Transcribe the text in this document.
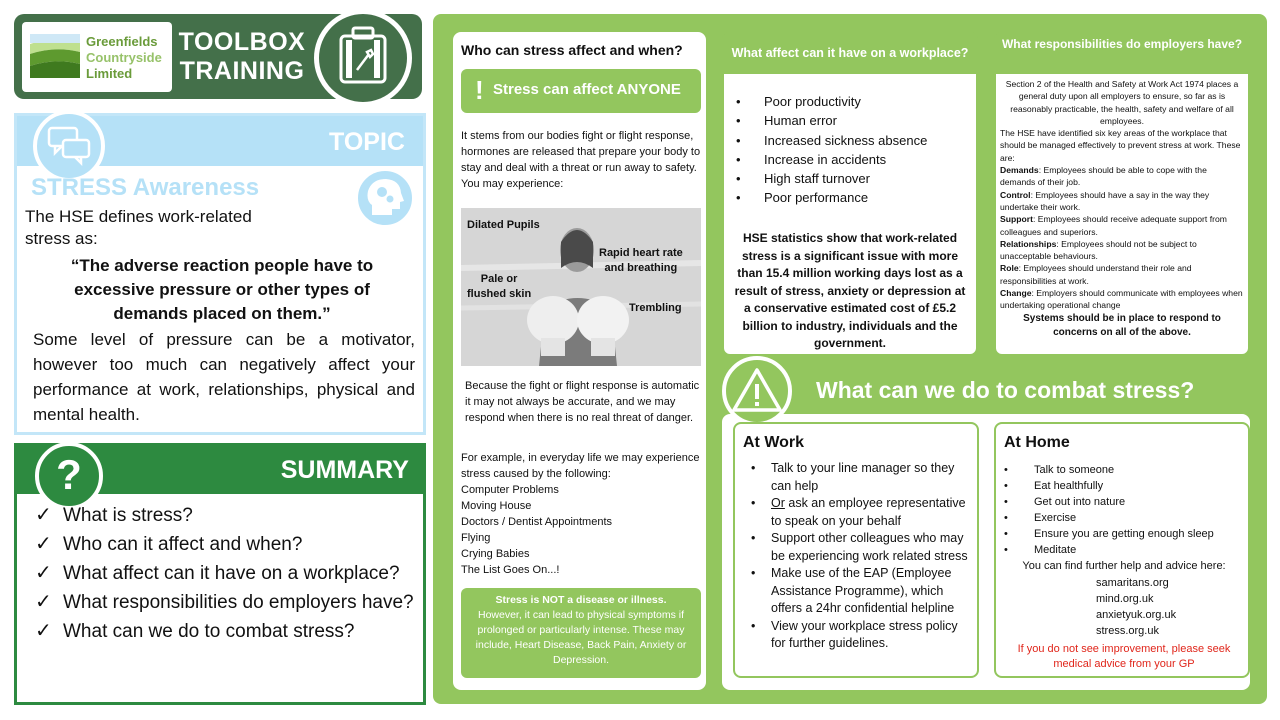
Greenfields
Countryside
Limited
TOOLBOX
TRAINING
TOPIC
STRESS Awareness
The HSE defines work-related stress as:
“The adverse reaction people have to excessive pressure or other types of demands placed on them.”
Some level of pressure can be a motivator, however too much can negatively affect your performance at work, relationships, physical and mental health.
SUMMARY
?
✓ What is stress?
✓ Who can it affect and when?
✓ What affect can it have on a workplace?
✓ What responsibilities do employers have?
✓ What can we do to combat stress?
Who can stress affect and when?
! Stress can affect ANYONE
It stems from our bodies fight or flight response, hormones are released that prepare your body to stay and deal with a threat or run away to safety.
You may experience:
Dilated Pupils
Rapid heart rate
and breathing
Pale or
flushed skin
Trembling
Because the fight or flight response is automatic it may not always be accurate, and we may respond when there is no real threat of danger.
For example, in everyday life we may experience stress caused by the following:
Computer Problems
Moving House
Doctors / Dentist Appointments
Flying
Crying Babies
The List Goes On...!
Stress is NOT a disease or illness.
However, it can lead to physical symptoms if prolonged or particularly intense. These may include, Heart Disease, Back Pain, Anxiety or Depression.
What affect can it have on a workplace?
• Poor productivity
• Human error
• Increased sickness absence
• Increase in accidents
• High staff turnover
• Poor performance
HSE statistics show that work-related stress is a significant issue with more than 15.4 million working days lost as a result of stress, anxiety or depression at a conservative estimated cost of £5.2 billion to industry, individuals and the government.
What responsibilities do employers have?
Section 2 of the Health and Safety at Work Act 1974 places a general duty upon all employers to ensure, so far as is reasonably practicable, the health, safety and welfare of all employees.
The HSE have identified six key areas of the workplace that should be managed effectively to prevent stress at work. These are:
Demands: Employees should be able to cope with the demands of their job.
Control: Employees should have a say in the way they undertake their work.
Support: Employees should receive adequate support from colleagues and superiors.
Relationships: Employees should not be subject to unacceptable behaviours.
Role: Employees should understand their role and responsibilities at work.
Change: Employers should communicate with employees when undertaking operational change
Systems should be in place to respond to concerns on all of the above.
What can we do to combat stress?
At Work
• Talk to your line manager so they can help
• Or ask an employee representative to speak on your behalf
• Support other colleagues who may be experiencing work related stress
• Make use of the EAP (Employee Assistance Programme), which offers a 24hr confidential helpline
• View your workplace stress policy for further guidelines.
At Home
• Talk to someone
• Eat healthfully
• Get out into nature
• Exercise
• Ensure you are getting enough sleep
• Meditate
You can find further help and advice here:
samaritans.org
mind.org.uk
anxietyuk.org.uk
stress.org.uk
If you do not see improvement, please seek medical advice from your GP
